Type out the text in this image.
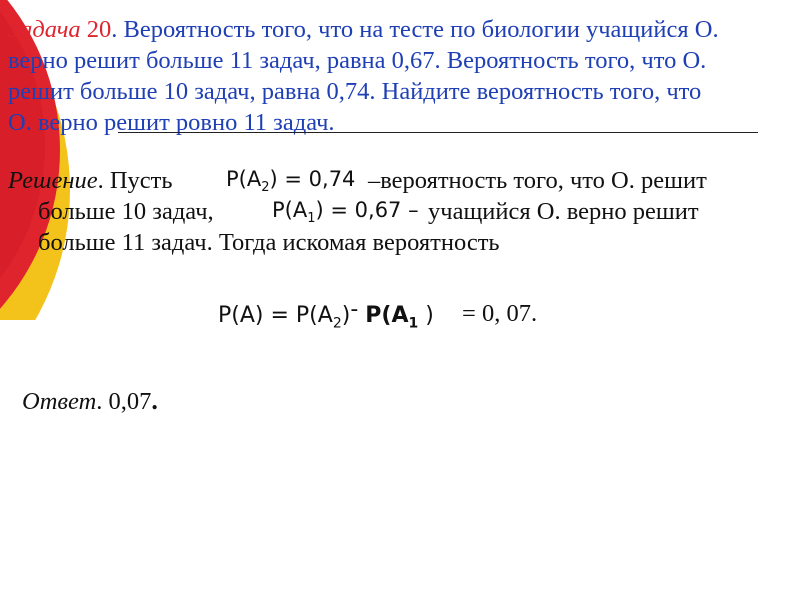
Задача 20. Вероятность того, что на тесте по биологии учащийся О.
верно решит больше 11 задач, равна 0,67. Вероятность того, что О.
решит больше 10 задач, равна 0,74. Найдите вероятность того, что
О. верно решит ровно 11 задач.
Решение. Пусть	$P(A_2) = 0,74$ –вероятность того, что О. решит
больше 10 задач,	$P(A_1) = 0,67$ – учащийся О. верно решит
больше 11 задач. Тогда искомая вероятность
$P(A) = P(A_2)-$ $P(A_1$ ) = 0, 07.
Ответ. 0,07.
